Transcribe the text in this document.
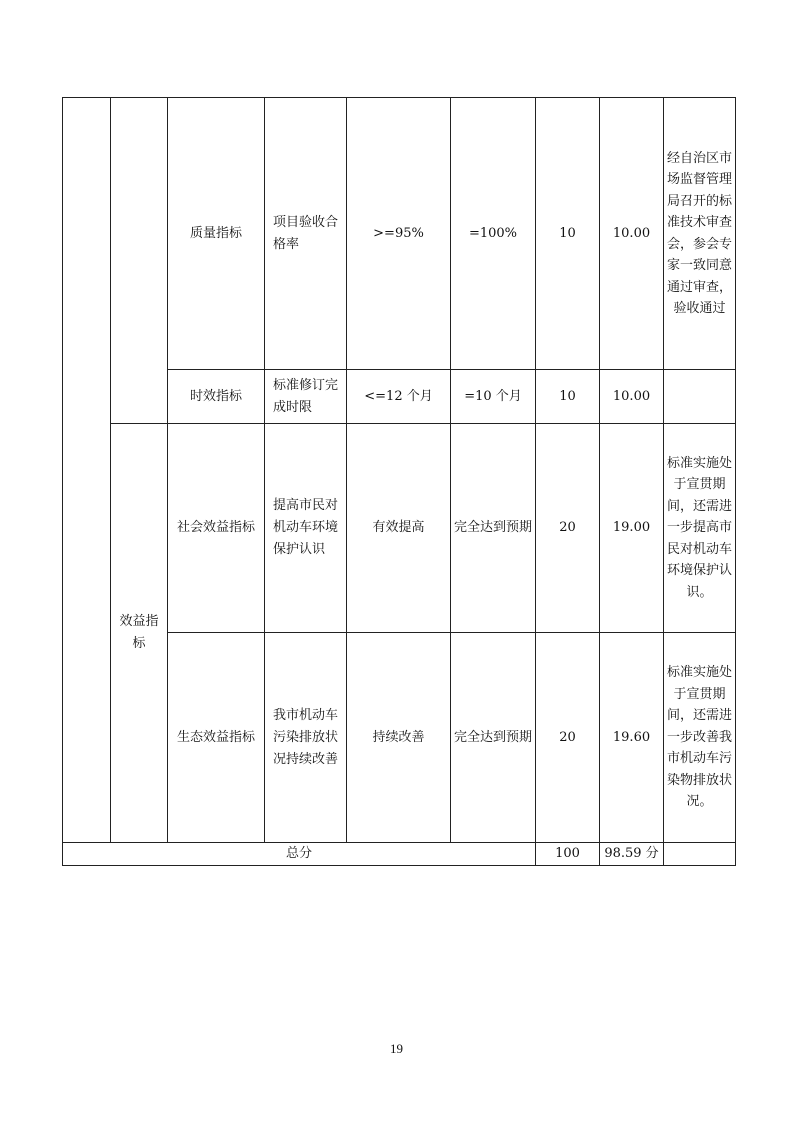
		质量指标	项目验收合格率	>=95%	=100%	10	10.00	经自治区市场监督管理局召开的标准技术审查会，参会专家一致同意通过审查，验收通过
		时效指标	标准修订完成时限	<=12 个月	=10 个月	10	10.00	
	效益指标	社会效益指标	提高市民对机动车环境保护认识	有效提高	完全达到预期	20	19.00	标准实施处于宣贯期间，还需进一步提高市民对机动车环境保护认识。
		生态效益指标	我市机动车污染排放状况持续改善	持续改善	完全达到预期	20	19.60	标准实施处于宣贯期间，还需进一步改善我市机动车污染物排放状况。
总分						100	98.59 分	
19
